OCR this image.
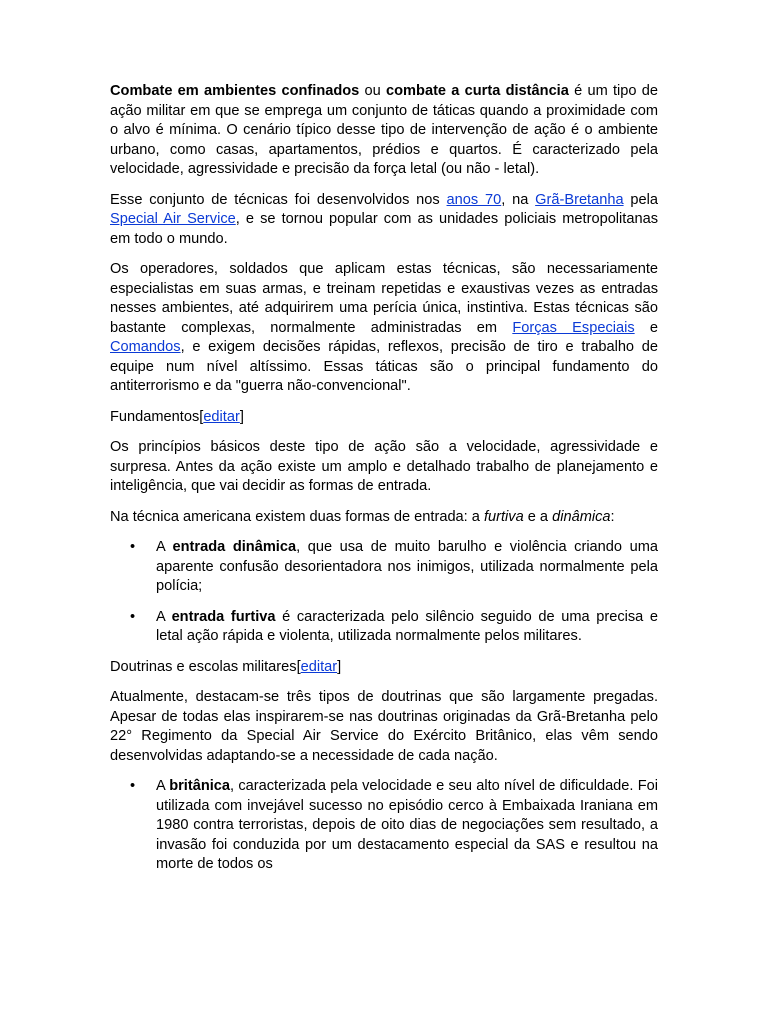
Combate em ambientes confinados ou combate a curta distância é um tipo de ação militar em que se emprega um conjunto de táticas quando a proximidade com o alvo é mínima. O cenário típico desse tipo de intervenção de ação é o ambiente urbano, como casas, apartamentos, prédios e quartos. É caracterizado pela velocidade, agressividade e precisão da força letal (ou não - letal).

Esse conjunto de técnicas foi desenvolvidos nos anos 70, na Grã-Bretanha pela Special Air Service, e se tornou popular com as unidades policiais metropolitanas em todo o mundo.

Os operadores, soldados que aplicam estas técnicas, são necessariamente especialistas em suas armas, e treinam repetidas e exaustivas vezes as entradas nesses ambientes, até adquirirem uma perícia única, instintiva. Estas técnicas são bastante complexas, normalmente administradas em Forças Especiais e Comandos, e exigem decisões rápidas, reflexos, precisão de tiro e trabalho de equipe num nível altíssimo. Essas táticas são o principal fundamento do antiterrorismo e da "guerra não-convencional".

Fundamentos[editar]

Os princípios básicos deste tipo de ação são a velocidade, agressividade e surpresa. Antes da ação existe um amplo e detalhado trabalho de planejamento e inteligência, que vai decidir as formas de entrada.

Na técnica americana existem duas formas de entrada: a furtiva e a dinâmica:

• A entrada dinâmica, que usa de muito barulho e violência criando uma aparente confusão desorientadora nos inimigos, utilizada normalmente pela polícia;
• A entrada furtiva é caracterizada pelo silêncio seguido de uma precisa e letal ação rápida e violenta, utilizada normalmente pelos militares.

Doutrinas e escolas militares[editar]

Atualmente, destacam-se três tipos de doutrinas que são largamente pregadas. Apesar de todas elas inspirarem-se nas doutrinas originadas da Grã-Bretanha pelo 22° Regimento da Special Air Service do Exército Britânico, elas vêm sendo desenvolvidas adaptando-se a necessidade de cada nação.

• A britânica, caracterizada pela velocidade e seu alto nível de dificuldade. Foi utilizada com invejável sucesso no episódio cerco à Embaixada Iraniana em 1980 contra terroristas, depois de oito dias de negociações sem resultado, a invasão foi conduzida por um destacamento especial da SAS e resultou na morte de todos os
